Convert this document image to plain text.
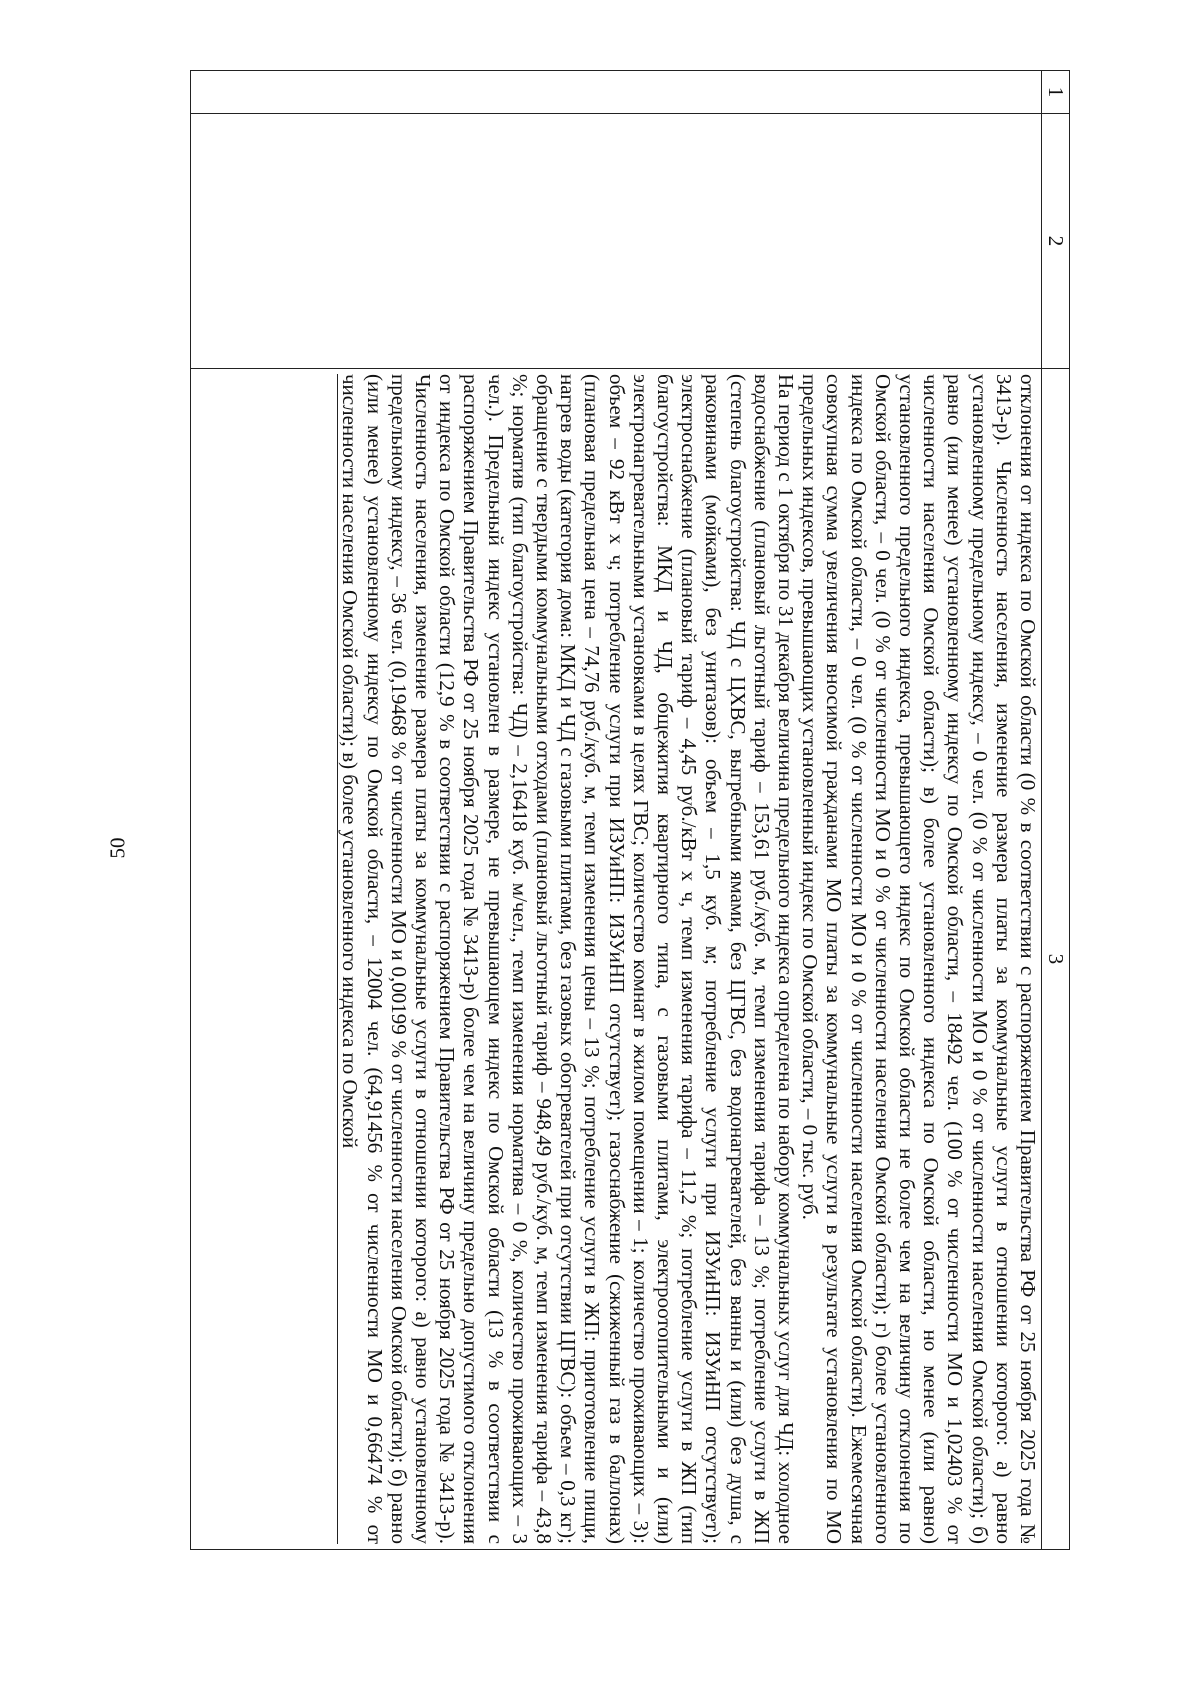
50
1	2	3

		отклонения от индекса по Омской области (0 % в соответствии с распоряжением Правительства РФ от 25 ноября 2025 года № 3413-р). Численность населения, изменение размера платы за коммунальные услуги в отношении которого: а) равно установленному предельному индексу, – 0 чел. (0 % от численности МО и 0 % от численности населения Омской области); б) равно (или менее) установленному индексу по Омской области, – 18492 чел. (100 % от численности МО и 1,02403 % от численности населения Омской области); в) более установленного индекса по Омской области, но менее (или равно) установленного предельного индекса, превышающего индекс по Омской области не более чем на величину отклонения по Омской области, – 0 чел. (0 % от численности МО и 0 % от численности населения Омской области); г) более установленного индекса по Омской области, – 0 чел. (0 % от численности МО и 0 % от численности населения Омской области). Ежемесячная совокупная сумма увеличения вносимой гражданами МО платы за коммунальные услуги в результате установления по МО предельных индексов, превышающих установленный индекс по Омской области, – 0 тыс. руб.

На период с 1 октября по 31 декабря величина предельного индекса определена по набору коммунальных услуг для ЧД: холодное водоснабжение (плановый льготный тариф – 153,61 руб./куб. м, темп изменения тарифа – 13 %; потребление услуги в ЖП (степень благоустройства: ЧД с ЦХВС, выгребными ямами, без ЦГВС, без водонагревателей, без ванны и (или) без душа, с раковинами (мойками), без унитазов): объем – 1,5 куб. м; потребление услуги при ИЗУиНП: ИЗУиНП отсутствует); электроснабжение (плановый тариф – 4,45 руб./кВт х ч, темп изменения тарифа – 11,2 %; потребление услуги в ЖП (тип благоустройства: МКД и ЧД, общежития квартирного типа, с газовыми плитами, электроотопительными и (или) электронагревательными установками в целях ГВС; количество комнат в жилом помещении – 1; количество проживающих – 3): объем – 92 кВт х ч; потребление услуги при ИЗУиНП: ИЗУиНП отсутствует); газоснабжение (сжиженный газ в баллонах) (плановая предельная цена – 74,76 руб./куб. м, темп изменения цены – 13 %; потребление услуги в ЖП: приготовление пищи, нагрев воды (категория дома: МКД и ЧД с газовыми плитами, без газовых обогревателей при отсутствии ЦГВС): объем – 0,3 кг); обращение с твердыми коммунальными отходами (плановый льготный тариф – 948,49 руб./куб. м, темп изменения тарифа – 43,8 %; норматив (тип благоустройства: ЧД) – 2,16418 куб. м/чел., темп изменения норматива – 0 %, количество проживающих – 3 чел.). Предельный индекс установлен в размере, не превышающем индекс по Омской области (13 % в соответствии с распоряжением Правительства РФ от 25 ноября 2025 года № 3413-р) более чем на величину предельно допустимого отклонения от индекса по Омской области (12,9 % в соответствии с распоряжением Правительства РФ от 25 ноября 2025 года № 3413-р). Численность населения, изменение размера платы за коммунальные услуги в отношении которого: а) равно установленному предельному индексу, – 36 чел. (0,19468 % от численности МО и 0,00199 % от численности населения Омской области); б) равно (или менее) установленному индексу по Омской области, – 12004 чел. (64,91456 % от численности МО и 0,66474 % от численности населения Омской области); в) более установленного индекса по Омской
